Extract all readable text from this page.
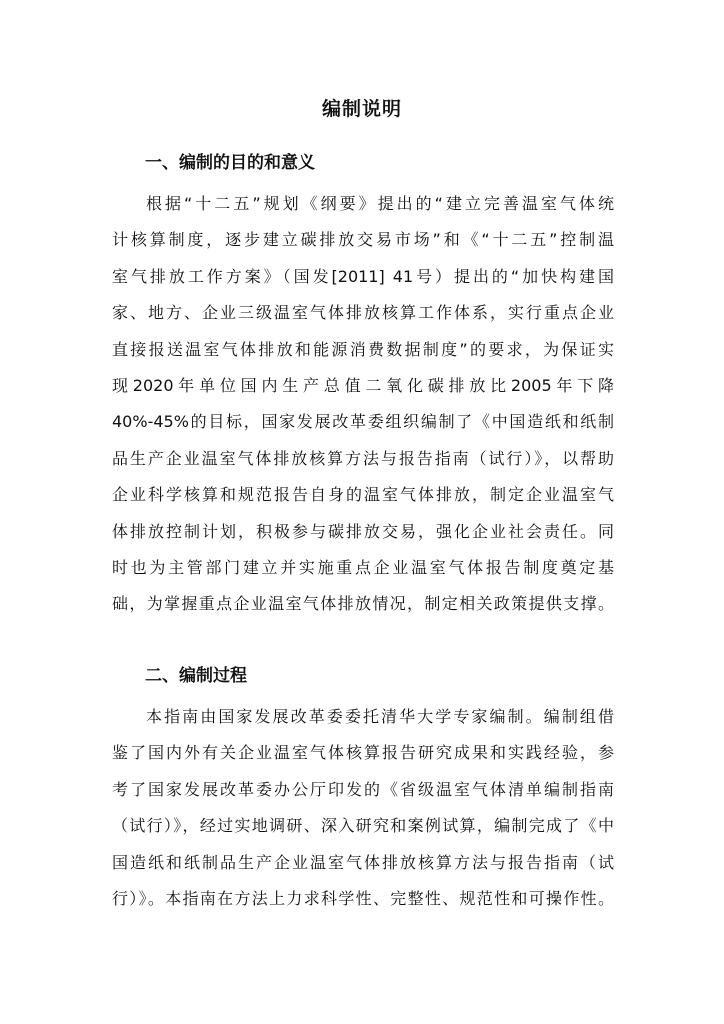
编制说明
一、编制的目的和意义
根据“十二五”规划《纲要》提出的“建立完善温室气体统
计核算制度，逐步建立碳排放交易市场”和《“十二五”控制温
室气排放工作方案》（国发[2011] 41号）提出的“加快构建国
家、地方、企业三级温室气体排放核算工作体系，实行重点企业
直接报送温室气体排放和能源消费数据制度”的要求，为保证实
现2020年单位国内生产总值二氧化碳排放比2005年下降
40%-45%的目标，国家发展改革委组织编制了《中国造纸和纸制
品生产企业温室气体排放核算方法与报告指南（试行）》，以帮助
企业科学核算和规范报告自身的温室气体排放，制定企业温室气
体排放控制计划，积极参与碳排放交易，强化企业社会责任。同
时也为主管部门建立并实施重点企业温室气体报告制度奠定基
础，为掌握重点企业温室气体排放情况，制定相关政策提供支撑。
二、编制过程
本指南由国家发展改革委委托清华大学专家编制。编制组借
鉴了国内外有关企业温室气体核算报告研究成果和实践经验，参
考了国家发展改革委办公厅印发的《省级温室气体清单编制指南
（试行）》，经过实地调研、深入研究和案例试算，编制完成了《中
国造纸和纸制品生产企业温室气体排放核算方法与报告指南（试
行）》。本指南在方法上力求科学性、完整性、规范性和可操作性。
